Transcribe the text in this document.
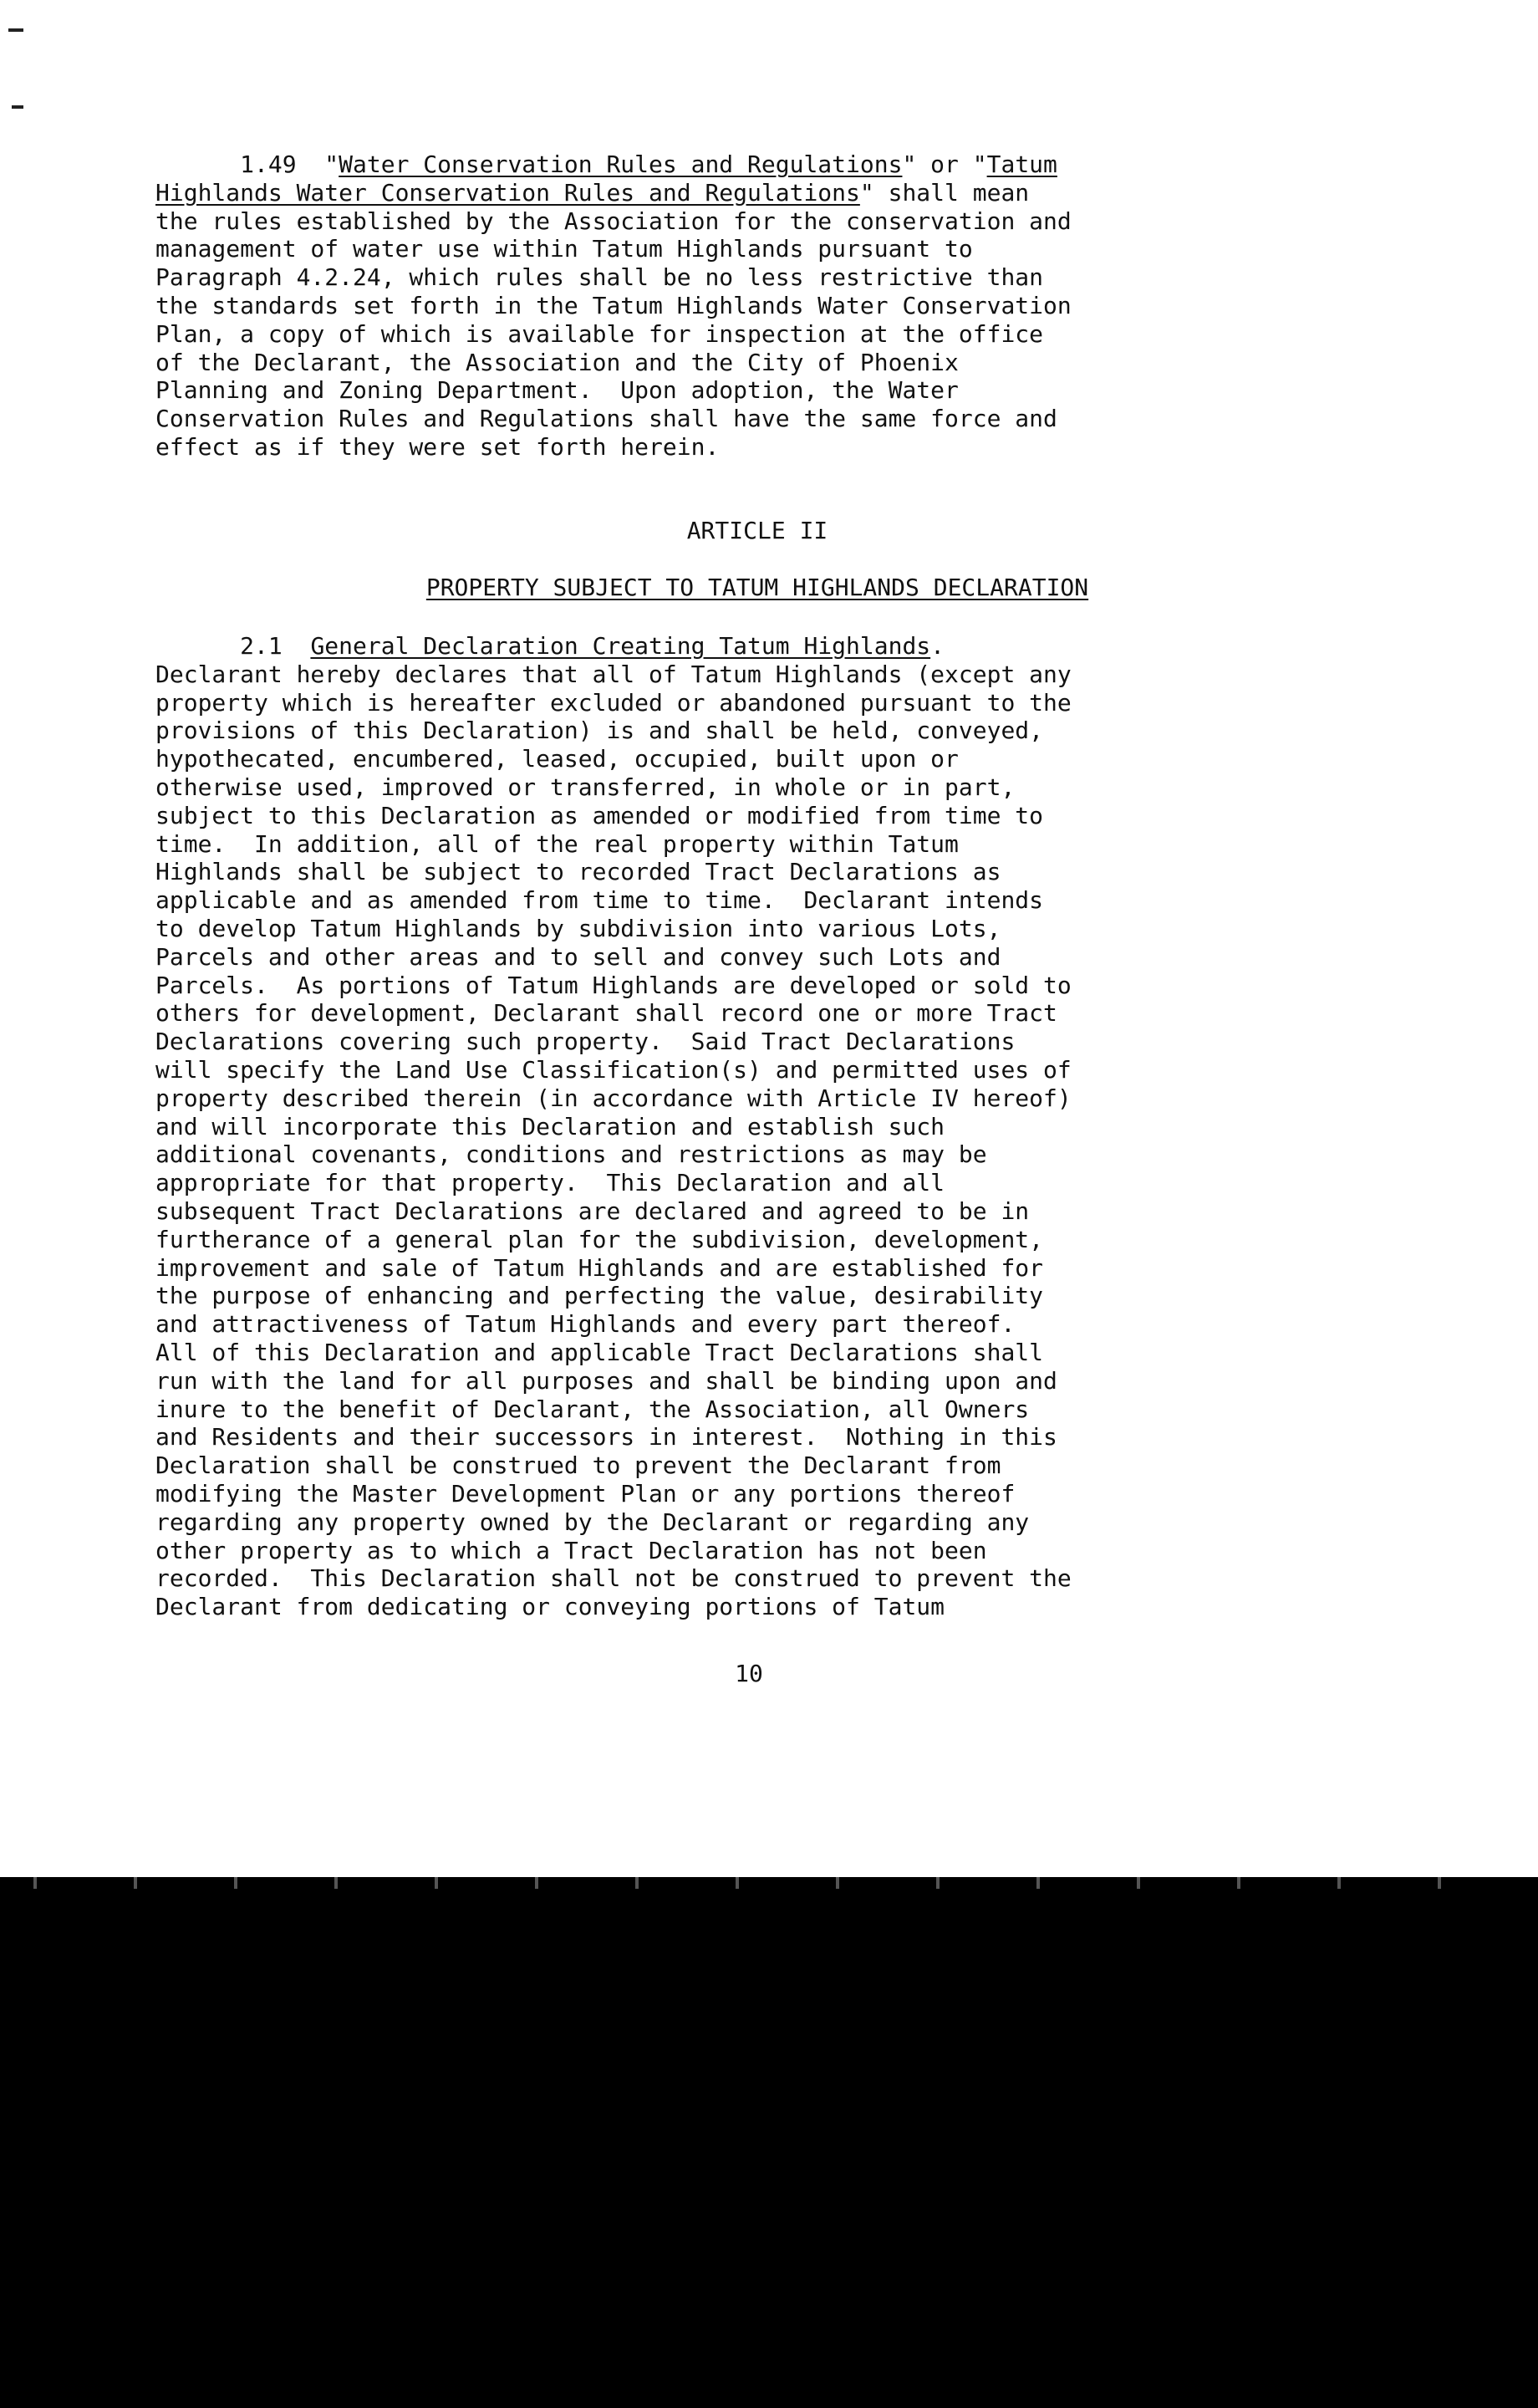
1.49  "Water Conservation Rules and Regulations" or "Tatum
Highlands Water Conservation Rules and Regulations" shall mean
the rules established by the Association for the conservation and
management of water use within Tatum Highlands pursuant to
Paragraph 4.2.24, which rules shall be no less restrictive than
the standards set forth in the Tatum Highlands Water Conservation
Plan, a copy of which is available for inspection at the office
of the Declarant, the Association and the City of Phoenix
Planning and Zoning Department.  Upon adoption, the Water
Conservation Rules and Regulations shall have the same force and
effect as if they were set forth herein.
ARTICLE II
PROPERTY SUBJECT TO TATUM HIGHLANDS DECLARATION
2.1  General Declaration Creating Tatum Highlands.
Declarant hereby declares that all of Tatum Highlands (except any
property which is hereafter excluded or abandoned pursuant to the
provisions of this Declaration) is and shall be held, conveyed,
hypothecated, encumbered, leased, occupied, built upon or
otherwise used, improved or transferred, in whole or in part,
subject to this Declaration as amended or modified from time to
time.  In addition, all of the real property within Tatum
Highlands shall be subject to recorded Tract Declarations as
applicable and as amended from time to time.  Declarant intends
to develop Tatum Highlands by subdivision into various Lots,
Parcels and other areas and to sell and convey such Lots and
Parcels.  As portions of Tatum Highlands are developed or sold to
others for development, Declarant shall record one or more Tract
Declarations covering such property.  Said Tract Declarations
will specify the Land Use Classification(s) and permitted uses of
property described therein (in accordance with Article IV hereof)
and will incorporate this Declaration and establish such
additional covenants, conditions and restrictions as may be
appropriate for that property.  This Declaration and all
subsequent Tract Declarations are declared and agreed to be in
furtherance of a general plan for the subdivision, development,
improvement and sale of Tatum Highlands and are established for
the purpose of enhancing and perfecting the value, desirability
and attractiveness of Tatum Highlands and every part thereof.
All of this Declaration and applicable Tract Declarations shall
run with the land for all purposes and shall be binding upon and
inure to the benefit of Declarant, the Association, all Owners
and Residents and their successors in interest.  Nothing in this
Declaration shall be construed to prevent the Declarant from
modifying the Master Development Plan or any portions thereof
regarding any property owned by the Declarant or regarding any
other property as to which a Tract Declaration has not been
recorded.  This Declaration shall not be construed to prevent the
Declarant from dedicating or conveying portions of Tatum
10
